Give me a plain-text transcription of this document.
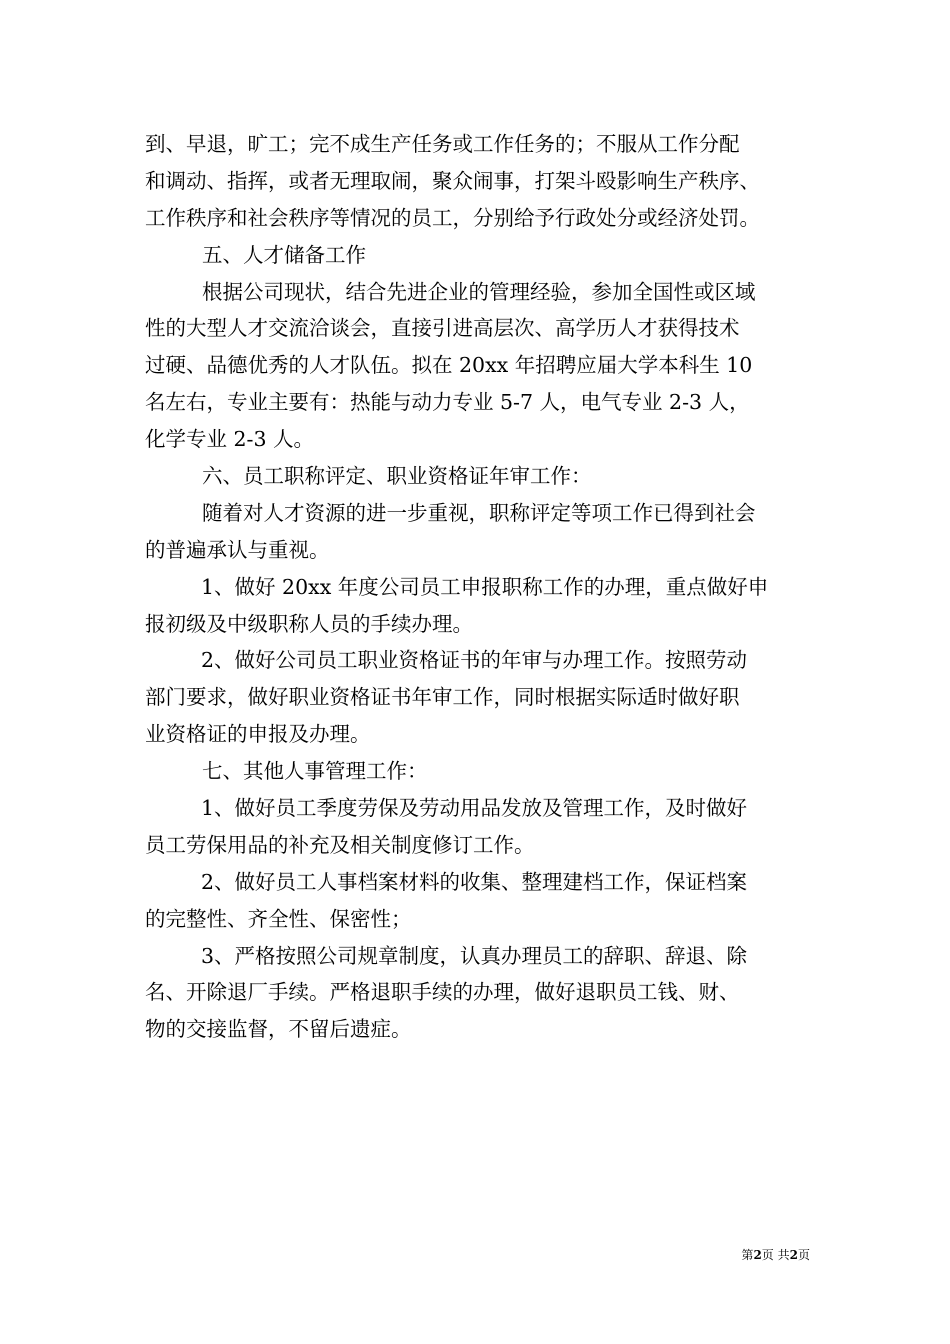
到、早退，旷工；完不成生产任务或工作任务的；不服从工作分配
和调动、指挥，或者无理取闹，聚众闹事，打架斗殴影响生产秩序、
工作秩序和社会秩序等情况的员工，分别给予行政处分或经济处罚。
五、人才储备工作
根据公司现状，结合先进企业的管理经验，参加全国性或区域
性的大型人才交流洽谈会，直接引进高层次、高学历人才获得技术
过硬、品德优秀的人才队伍。拟在 20xx 年招聘应届大学本科生 10
名左右，专业主要有：热能与动力专业 5-7 人，电气专业 2-3 人，
化学专业 2-3 人。
六、员工职称评定、职业资格证年审工作：
随着对人才资源的进一步重视，职称评定等项工作已得到社会
的普遍承认与重视。
1、做好 20xx 年度公司员工申报职称工作的办理，重点做好申
报初级及中级职称人员的手续办理。
2、做好公司员工职业资格证书的年审与办理工作。按照劳动
部门要求，做好职业资格证书年审工作，同时根据实际适时做好职
业资格证的申报及办理。
七、其他人事管理工作：
1、做好员工季度劳保及劳动用品发放及管理工作，及时做好
员工劳保用品的补充及相关制度修订工作。
2、做好员工人事档案材料的收集、整理建档工作，保证档案
的完整性、齐全性、保密性；
3、严格按照公司规章制度，认真办理员工的辞职、辞退、除
名、开除退厂手续。严格退职手续的办理，做好退职员工钱、财、
物的交接监督，不留后遗症。
第2页 共2页
